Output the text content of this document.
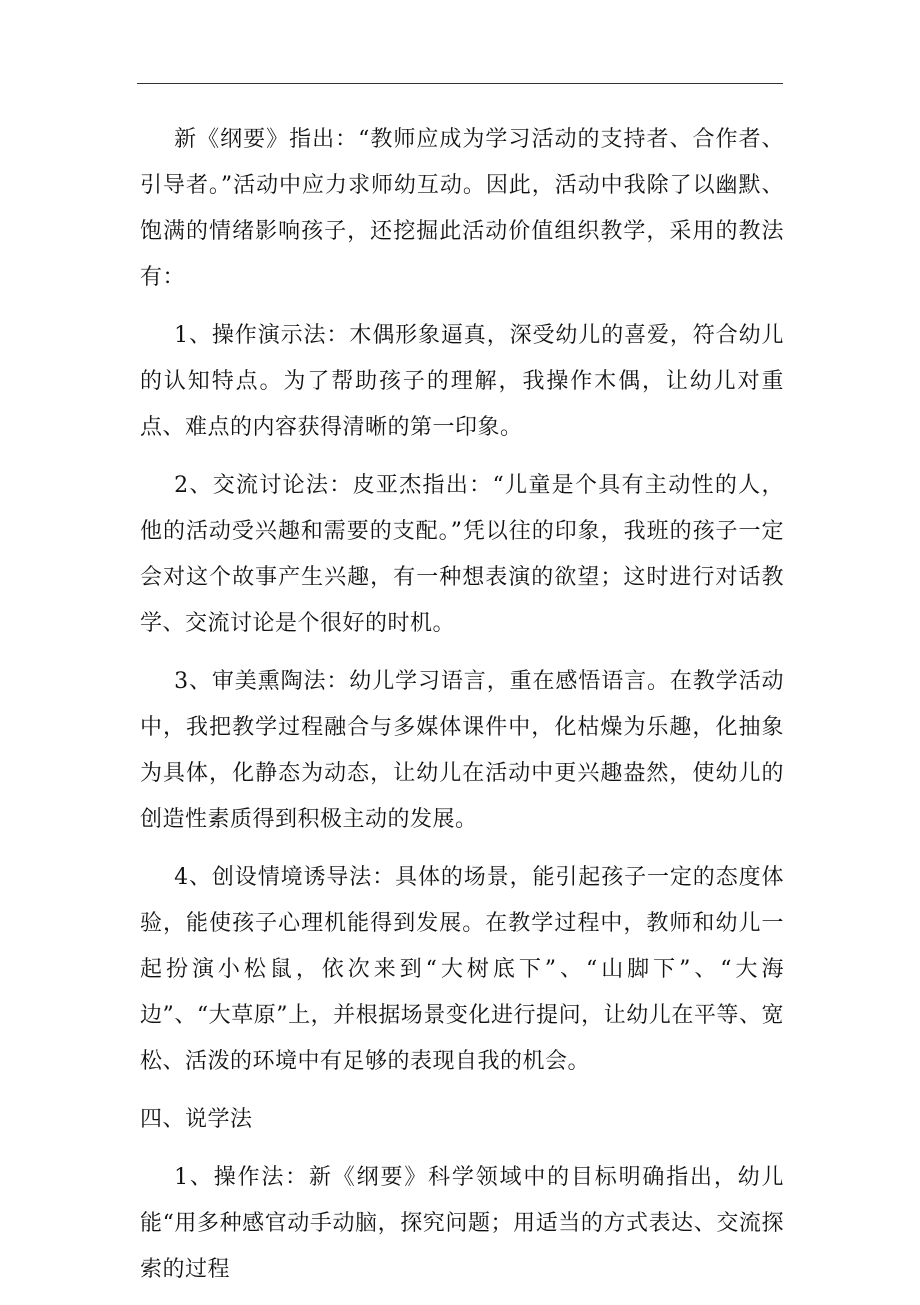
新《纲要》指出：“教师应成为学习活动的支持者、合作者、引导者。”活动中应力求师幼互动。因此，活动中我除了以幽默、饱满的情绪影响孩子，还挖掘此活动价值组织教学，采用的教法有：

1、操作演示法：木偶形象逼真，深受幼儿的喜爱，符合幼儿的认知特点。为了帮助孩子的理解，我操作木偶，让幼儿对重点、难点的内容获得清晰的第一印象。

2、交流讨论法：皮亚杰指出：“儿童是个具有主动性的人，他的活动受兴趣和需要的支配。”凭以往的印象，我班的孩子一定会对这个故事产生兴趣，有一种想表演的欲望；这时进行对话教学、交流讨论是个很好的时机。

3、审美熏陶法：幼儿学习语言，重在感悟语言。在教学活动中，我把教学过程融合与多媒体课件中，化枯燥为乐趣，化抽象为具体，化静态为动态，让幼儿在活动中更兴趣盎然，使幼儿的创造性素质得到积极主动的发展。

4、创设情境诱导法：具体的场景，能引起孩子一定的态度体验，能使孩子心理机能得到发展。在教学过程中，教师和幼儿一起扮演小松鼠，依次来到“大树底下”、“山脚下”、“大海边”、“大草原”上，并根据场景变化进行提问，让幼儿在平等、宽松、活泼的环境中有足够的表现自我的机会。

四、说学法

1、操作法：新《纲要》科学领域中的目标明确指出，幼儿能“用多种感官动手动脑，探究问题；用适当的方式表达、交流探索的过程
